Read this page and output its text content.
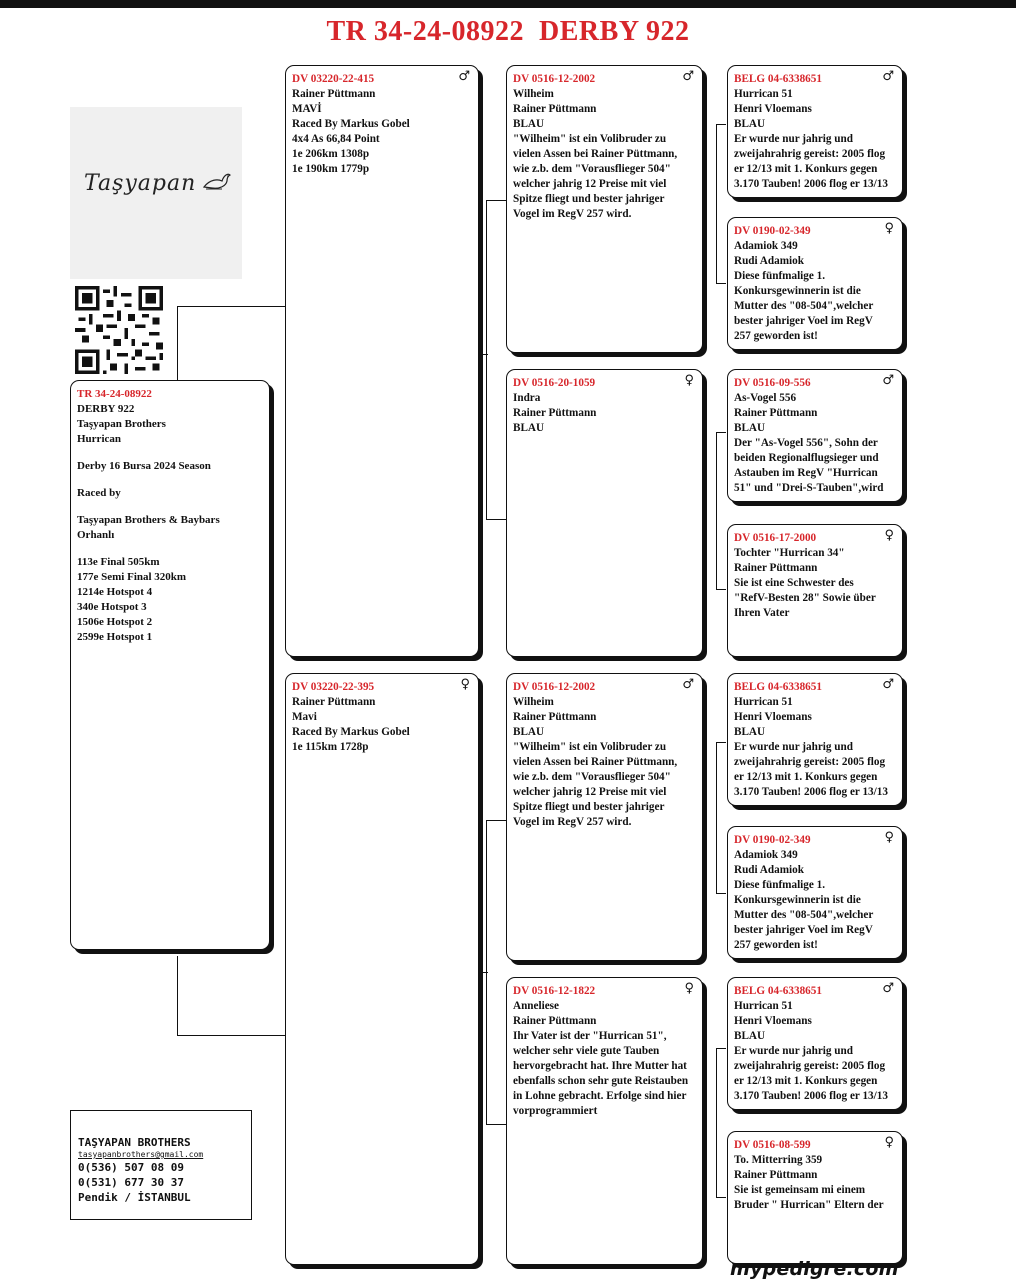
TR 34-24-08922  DERBY 922
Taşyapan
TR 34-24-08922
DERBY 922
Taşyapan Brothers
Hurrican
Derby 16 Bursa 2024 Season
Raced by
Taşyapan Brothers & Baybars
Orhanlı
113e Final 505km
177e Semi Final 320km
1214e Hotspot 4
340e Hotspot 3
1506e Hotspot 2
2599e Hotspot 1
DV 03220-22-415	♂
Rainer Püttmann
MAVİ
Raced By Markus Gobel
4x4 As 66,84 Point
1e 206km 1308p
1e 190km 1779p
DV 03220-22-395	♀
Rainer Püttmann
Mavi
Raced By Markus Gobel
1e 115km 1728p
DV 0516-12-2002	♂
Wilheim
Rainer Püttmann
BLAU
"Wilheim" ist ein Volibruder zu
vielen Assen bei Rainer Püttmann,
wie z.b. dem "Vorausflieger 504"
welcher jahrig 12 Preise mit viel
Spitze fliegt und bester jahriger
Vogel im RegV 257 wird.
DV 0516-20-1059	♀
Indra
Rainer Püttmann
BLAU
DV 0516-12-2002	♂
Wilheim
Rainer Püttmann
BLAU
"Wilheim" ist ein Volibruder zu
vielen Assen bei Rainer Püttmann,
wie z.b. dem "Vorausflieger 504"
welcher jahrig 12 Preise mit viel
Spitze fliegt und bester jahriger
Vogel im RegV 257 wird.
DV 0516-12-1822	♀
Anneliese
Rainer Püttmann
Ihr Vater ist der "Hurrican 51",
welcher sehr viele gute Tauben
hervorgebracht hat. Ihre Mutter hat
ebenfalls schon sehr gute Reistauben
in Lohne gebracht. Erfolge sind hier
vorprogrammiert
BELG 04-6338651	♂
Hurrican 51
Henri Vloemans
BLAU
Er wurde nur jahrig und
zweijahrahrig gereist: 2005 flog
er 12/13 mit 1. Konkurs gegen
3.170 Tauben! 2006 flog er 13/13
DV 0190-02-349	♀
Adamiok 349
Rudi Adamiok
Diese fünfmalige 1.
Konkursgewinnerin ist die
Mutter des "08-504",welcher
bester jahriger Voel im RegV
257 geworden ist!
DV 0516-09-556	♂
As-Vogel 556
Rainer Püttmann
BLAU
Der "As-Vogel 556", Sohn der
beiden Regionalflugsieger und
Astauben im RegV "Hurrican
51" und "Drei-S-Tauben",wird
DV 0516-17-2000	♀
Tochter "Hurrican 34"
Rainer Püttmann
Sie ist eine Schwester des
"RefV-Besten 28" Sowie über
Ihren Vater
BELG 04-6338651	♂
Hurrican 51
Henri Vloemans
BLAU
Er wurde nur jahrig und
zweijahrahrig gereist: 2005 flog
er 12/13 mit 1. Konkurs gegen
3.170 Tauben! 2006 flog er 13/13
DV 0190-02-349	♀
Adamiok 349
Rudi Adamiok
Diese fünfmalige 1.
Konkursgewinnerin ist die
Mutter des "08-504",welcher
bester jahriger Voel im RegV
257 geworden ist!
BELG 04-6338651	♂
Hurrican 51
Henri Vloemans
BLAU
Er wurde nur jahrig und
zweijahrahrig gereist: 2005 flog
er 12/13 mit 1. Konkurs gegen
3.170 Tauben! 2006 flog er 13/13
DV 0516-08-599	♀
To. Mitterring 359
Rainer Püttmann
Sie ist gemeinsam mi einem
Bruder " Hurrican" Eltern der
TAŞYAPAN BROTHERS
tasyapanbrothers@gmail.com
0(536) 507 08 09
0(531) 677 30 37
Pendik / İSTANBUL
mypedigre.com
